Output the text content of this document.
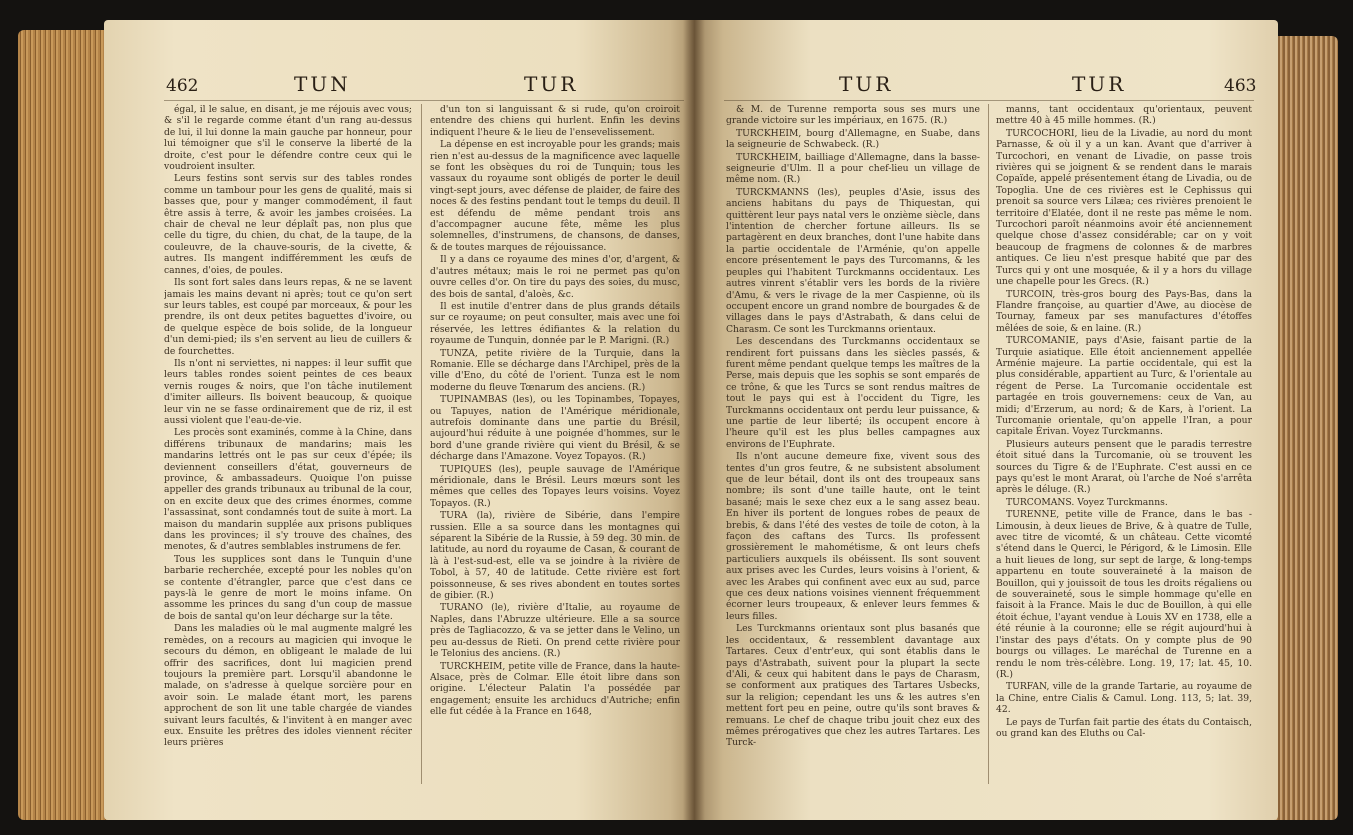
462	TUN	TUR

égal, il le salue, en disant, je me réjouis avec vous; & s'il le regarde comme étant d'un rang au-dessus de lui, il lui donne la main gauche par honneur, pour lui témoigner que s'il le conserve la liberté de la droite, c'est pour le défendre contre ceux qui le voudroient insulter.

Leurs festins sont servis sur des tables rondes comme un tambour pour les gens de qualité, mais si basses que, pour y manger commodément, il faut être assis à terre, & avoir les jambes croisées. La chair de cheval ne leur déplaît pas, non plus que celle du tigre, du chien, du chat, de la taupe, de la couleuvre, de la chauve-souris, de la civette, & autres. Ils mangent indifféremment les œufs de cannes, d'oies, de poules.

Ils sont fort sales dans leurs repas, & ne se lavent jamais les mains devant ni après; tout ce qu'on sert sur leurs tables, est coupé par morceaux, & pour les prendre, ils ont deux petites baguettes d'ivoire, ou de quelque espèce de bois solide, de la longueur d'un demi-pied; ils s'en servent au lieu de cuillers & de fourchettes.

Ils n'ont ni serviettes, ni nappes: il leur suffit que leurs tables rondes soient peintes de ces beaux vernis rouges & noirs, que l'on tâche inutilement d'imiter ailleurs. Ils boivent beaucoup, & quoique leur vin ne se fasse ordinairement que de riz, il est aussi violent que l'eau-de-vie.

Les procès sont examinés, comme à la Chine, dans différens tribunaux de mandarins; mais les mandarins lettrés ont le pas sur ceux d'épée; ils deviennent conseillers d'état, gouverneurs de province, & ambassadeurs. Quoique l'on puisse appeller des grands tribunaux au tribunal de la cour, on en excite deux que des crimes énormes, comme l'assassinat, sont condamnés tout de suite à mort. La maison du mandarin supplée aux prisons publiques dans les provinces; il s'y trouve des chaînes, des menotes, & d'autres semblables instrumens de fer.

Tous les supplices sont dans le Tunquin d'une barbarie recherchée, excepté pour les nobles qu'on se contente d'étrangler, parce que c'est dans ce pays-là le genre de mort le moins infame. On assomme les princes du sang d'un coup de massue de bois de santal qu'on leur décharge sur la tête.

Dans les maladies où le mal augmente malgré les remèdes, on a recours au magicien qui invoque le secours du démon, en obligeant le malade de lui offrir des sacrifices, dont lui magicien prend toujours la première part. Lorsqu'il abandonne le malade, on s'adresse à quelque sorcière pour en avoir soin. Le malade étant mort, les parens approchent de son lit une table chargée de viandes suivant leurs facultés, & l'invitent à en manger avec eux. Ensuite les prêtres des idoles viennent réciter leurs prières

d'un ton si languissant & si rude, qu'on croiroit entendre des chiens qui hurlent. Enfin les devins indiquent l'heure & le lieu de l'ensevelissement.

La dépense en est incroyable pour les grands; mais rien n'est au-dessus de la magnificence avec laquelle se font les obsèques du roi de Tunquin; tous les vassaux du royaume sont obligés de porter le deuil vingt-sept jours, avec défense de plaider, de faire des noces & des festins pendant tout le temps du deuil. Il est défendu de même pendant trois ans d'accompagner aucune fête, même les plus solemnelles, d'instrumens, de chansons, de danses, & de toutes marques de réjouissance.

Il y a dans ce royaume des mines d'or, d'argent, & d'autres métaux; mais le roi ne permet pas qu'on ouvre celles d'or. On tire du pays des soies, du musc, des bois de santal, d'aloès, &c.

Il est inutile d'entrer dans de plus grands détails sur ce royaume; on peut consulter, mais avec une foi réservée, les lettres édifiantes & la relation du royaume de Tunquin, donnée par le P. Marigni. (R.)

TUNZA, petite rivière de la Turquie, dans la Romanie. Elle se décharge dans l'Archipel, près de la ville d'Eno, du côté de l'orient. Tunza est le nom moderne du fleuve Tœnarum des anciens. (R.)

TUPINAMBAS (les), ou les Topinambes, Topayes, ou Tapuyes, nation de l'Amérique méridionale, autrefois dominante dans une partie du Brésil, aujourd'hui réduite à une poignée d'hommes, sur le bord d'une grande rivière qui vient du Brésil, & se décharge dans l'Amazone. Voyez Topayos. (R.)

TUPIQUES (les), peuple sauvage de l'Amérique méridionale, dans le Brésil. Leurs mœurs sont les mêmes que celles des Topayes leurs voisins. Voyez Topayos. (R.)

TURA (la), rivière de Sibérie, dans l'empire russien. Elle a sa source dans les montagnes qui séparent la Sibérie de la Russie, à 59 deg. 30 min. de latitude, au nord du royaume de Casan, & courant de là à l'est-sud-est, elle va se joindre à la rivière de Tobol, à 57, 40 de latitude. Cette rivière est fort poissonneuse, & ses rives abondent en toutes sortes de gibier. (R.)

TURANO (le), rivière d'Italie, au royaume de Naples, dans l'Abruzze ultérieure. Elle a sa source près de Tagliacozzo, & va se jetter dans le Velino, un peu au-dessus de Rieti. On prend cette rivière pour le Telonius des anciens. (R.)

TURCKHEIM, petite ville de France, dans la haute-Alsace, près de Colmar. Elle étoit libre dans son origine. L'électeur Palatin l'a possédée par engagement; ensuite les archiducs d'Autriche; enfin elle fut cédée à la France en 1648,

TUR	TUR	463

& M. de Turenne remporta sous ses murs une grande victoire sur les impériaux, en 1675. (R.)

TURCKHEIM, bourg d'Allemagne, en Suabe, dans la seigneurie de Schwabeck. (R.)

TURCKHEIM, bailliage d'Allemagne, dans la basse-seigneurie d'Ulm. Il a pour chef-lieu un village de même nom. (R.)

TURCKMANNS (les), peuples d'Asie, issus des anciens habitans du pays de Thiquestan, qui quittèrent leur pays natal vers le onzième siècle, dans l'intention de chercher fortune ailleurs. Ils se partagèrent en deux branches, dont l'une habite dans la partie occidentale de l'Arménie, qu'on appelle encore présentement le pays des Turcomanns, & les peuples qui l'habitent Turckmanns occidentaux. Les autres vinrent s'établir vers les bords de la rivière d'Amu, & vers le rivage de la mer Caspienne, où ils occupent encore un grand nombre de bourgades & de villages dans le pays d'Astrabath, & dans celui de Charasm. Ce sont les Turckmanns orientaux.

Les descendans des Turckmanns occidentaux se rendirent fort puissans dans les siècles passés, & furent même pendant quelque temps les maîtres de la Perse, mais depuis que les sophis se sont emparés de ce trône, & que les Turcs se sont rendus maîtres de tout le pays qui est à l'occident du Tigre, les Turckmanns occidentaux ont perdu leur puissance, & une partie de leur liberté; ils occupent encore à l'heure qu'il est les plus belles campagnes aux environs de l'Euphrate.

Ils n'ont aucune demeure fixe, vivent sous des tentes d'un gros feutre, & ne subsistent absolument que de leur bétail, dont ils ont des troupeaux sans nombre; ils sont d'une taille haute, ont le teint basané; mais le sexe chez eux a le sang assez beau. En hiver ils portent de longues robes de peaux de brebis, & dans l'été des vestes de toile de coton, à la façon des caftans des Turcs. Ils professent grossièrement le mahométisme, & ont leurs chefs particuliers auxquels ils obéissent. Ils sont souvent aux prises avec les Curdes, leurs voisins à l'orient, & avec les Arabes qui confinent avec eux au sud, parce que ces deux nations voisines viennent fréquemment écorner leurs troupeaux, & enlever leurs femmes & leurs filles.

Les Turckmanns orientaux sont plus basanés que les occidentaux, & ressemblent davantage aux Tartares. Ceux d'entr'eux, qui sont établis dans le pays d'Astrabath, suivent pour la plupart la secte d'Ali, & ceux qui habitent dans le pays de Charasm, se conforment aux pratiques des Tartares Usbecks, sur la religion; cependant les uns & les autres s'en mettent fort peu en peine, outre qu'ils sont braves & remuans. Le chef de chaque tribu jouit chez eux des mêmes prérogatives que chez les autres Tartares. Les Turck-

manns, tant occidentaux qu'orientaux, peuvent mettre 40 à 45 mille hommes. (R.)

TURCOCHORI, lieu de la Livadie, au nord du mont Parnasse, & où il y a un kan. Avant que d'arriver à Turcochori, en venant de Livadie, on passe trois rivières qui se joignent & se rendent dans le marais Copaïde, appelé présentement étang de Livadia, ou de Topoglia. Une de ces rivières est le Cephissus qui prenoit sa source vers Lilæa; ces rivières prenoient le territoire d'Elatée, dont il ne reste pas même le nom. Turcochori paroît néanmoins avoir été anciennement quelque chose d'assez considérable; car on y voit beaucoup de fragmens de colonnes & de marbres antiques. Ce lieu n'est presque habité que par des Turcs qui y ont une mosquée, & il y a hors du village une chapelle pour les Grecs. (R.)

TURCOIN, très-gros bourg des Pays-Bas, dans la Flandre françoise, au quartier d'Awe, au diocèse de Tournay, fameux par ses manufactures d'étoffes mêlées de soie, & en laine. (R.)

TURCOMANIE, pays d'Asie, faisant partie de la Turquie asiatique. Elle étoit anciennement appellée Arménie majeure. La partie occidentale, qui est la plus considérable, appartient au Turc, & l'orientale au régent de Perse. La Turcomanie occidentale est partagée en trois gouvernemens: ceux de Van, au midi; d'Erzerum, au nord; & de Kars, à l'orient. La Turcomanie orientale, qu'on appelle l'Iran, a pour capitale Érivan. Voyez Turckmanns.

Plusieurs auteurs pensent que le paradis terrestre étoit situé dans la Turcomanie, où se trouvent les sources du Tigre & de l'Euphrate. C'est aussi en ce pays qu'est le mont Ararat, où l'arche de Noé s'arrêta après le déluge. (R.)

TURCOMANS. Voyez Turckmanns.

TURENNE, petite ville de France, dans le bas - Limousin, à deux lieues de Brive, & à quatre de Tulle, avec titre de vicomté, & un château. Cette vicomté s'étend dans le Querci, le Périgord, & le Limosin. Elle a huit lieues de long, sur sept de large, & long-temps appartenu en toute souveraineté à la maison de Bouillon, qui y jouissoit de tous les droits régaliens ou de souveraineté, sous le simple hommage qu'elle en faisoit à la France. Mais le duc de Bouillon, à qui elle étoit échue, l'ayant vendue à Louis XV en 1738, elle a été réunie à la couronne; elle se régit aujourd'hui à l'instar des pays d'états. On y compte plus de 90 bourgs ou villages. Le maréchal de Turenne en a rendu le nom très-célèbre. Long. 19, 17; lat. 45, 10. (R.)

TURFAN, ville de la grande Tartarie, au royaume de la Chine, entre Cialis & Camul. Long. 113, 5; lat. 39, 42.

Le pays de Turfan fait partie des états du Contaisch, ou grand kan des Eluths ou Cal-
